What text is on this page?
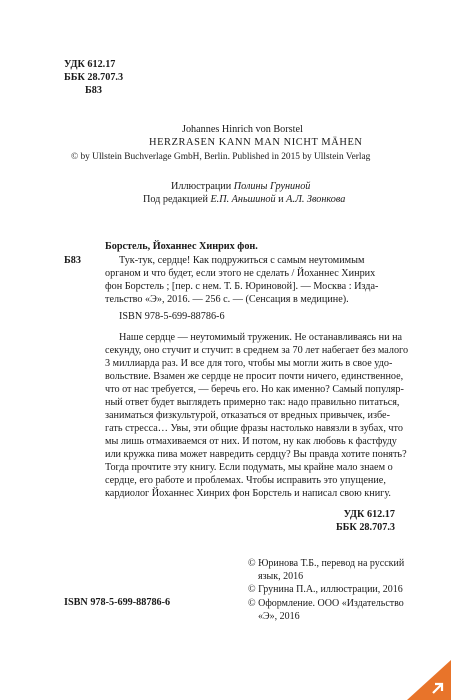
УДК 612.17
ББК 28.707.3
Б83
Johannes Hinrich von Borstel
HERZRASEN KANN MAN NICHT MÄHEN
© by Ullstein Buchverlage GmbH, Berlin. Published in 2015 by Ullstein Verlag
Иллюстрации Полины Груниной
Под редакцией Е.П. Аньшиной и А.Л. Звонкова
Борстель, Йоханнес Хинрих фон.
Б83	Тук-тук, сердце! Как подружиться с самым неутомимым
органом и что будет, если этого не сделать / Йоханнес Хинрих
фон Борстель ; [пер. с нем. Т. Б. Юриновой]. — Москва : Изда-
тельство «Э», 2016. — 256 с. — (Сенсация в медицине).
ISBN 978-5-699-88786-6
Наше сердце — неутомимый труженик. Не останавливаясь ни на
секунду, оно стучит и стучит: в среднем за 70 лет набегает без малого
3 миллиарда раз. И все для того, чтобы мы могли жить в свое удо-
вольствие. Взамен же сердце не просит почти ничего, единственное,
что от нас требуется, — беречь его. Но как именно? Самый популяр-
ный ответ будет выглядеть примерно так: надо правильно питаться,
заниматься физкультурой, отказаться от вредных привычек, избе-
гать стресса… Увы, эти общие фразы настолько навязли в зубах, что
мы лишь отмахиваемся от них. И потом, ну как любовь к фастфуду
или кружка пива может навредить сердцу? Вы правда хотите понять?
Тогда прочтите эту книгу. Если подумать, мы крайне мало знаем о
сердце, его работе и проблемах. Чтобы исправить это упущение,
кардиолог Йоханнес Хинрих фон Борстель и написал свою книгу.
УДК 612.17
ББК 28.707.3
ISBN 978-5-699-88786-6
© Юринова Т.Б., перевод на русский
язык, 2016
© Грунина П.А., иллюстрации, 2016
© Оформление. ООО «Издательство
«Э», 2016
